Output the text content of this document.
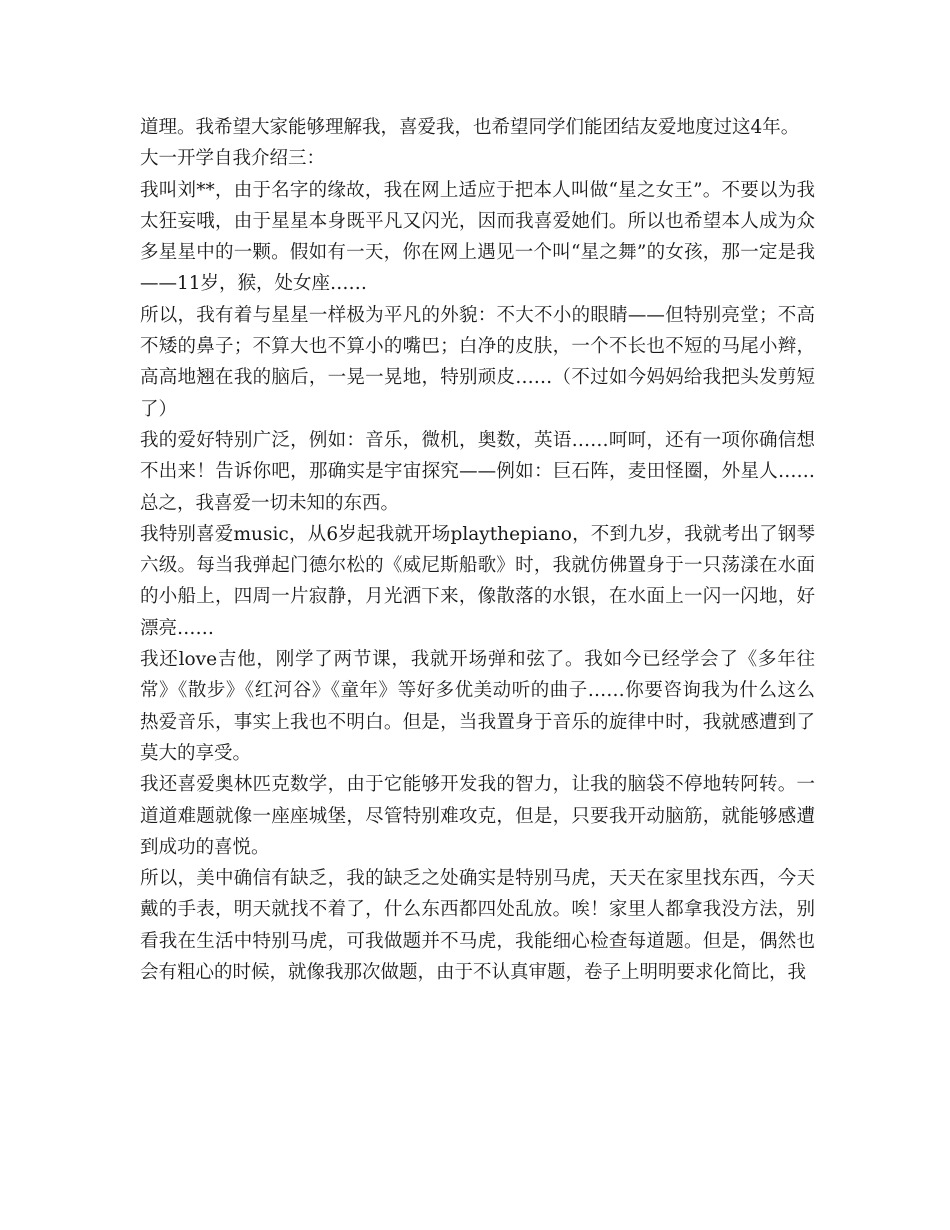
道理。我希望大家能够理解我，喜爱我，也希望同学们能团结友爱地度过这4年。

大一开学自我介绍三：

我叫刘**，由于名字的缘故，我在网上适应于把本人叫做“星之女王”。不要以为我太狂妄哦，由于星星本身既平凡又闪光，因而我喜爱她们。所以也希望本人成为众多星星中的一颗。假如有一天，你在网上遇见一个叫“星之舞”的女孩，那一定是我——11岁，猴，处女座……

所以，我有着与星星一样极为平凡的外貌：不大不小的眼睛——但特别亮堂；不高不矮的鼻子；不算大也不算小的嘴巴；白净的皮肤，一个不长也不短的马尾小辫，高高地翘在我的脑后，一晃一晃地，特别顽皮……（不过如今妈妈给我把头发剪短了）

我的爱好特别广泛，例如：音乐，微机，奥数，英语……呵呵，还有一项你确信想不出来！告诉你吧，那确实是宇宙探究——例如：巨石阵，麦田怪圈，外星人……总之，我喜爱一切未知的东西。

我特别喜爱music，从6岁起我就开场playthepiano，不到九岁，我就考出了钢琴六级。每当我弹起门德尔松的《威尼斯船歌》时，我就仿佛置身于一只荡漾在水面的小船上，四周一片寂静，月光洒下来，像散落的水银，在水面上一闪一闪地，好漂亮……

我还love吉他，刚学了两节课，我就开场弹和弦了。我如今已经学会了《多年往常》《散步》《红河谷》《童年》等好多优美动听的曲子……你要咨询我为什么这么热爱音乐，事实上我也不明白。但是，当我置身于音乐的旋律中时，我就感遭到了莫大的享受。

我还喜爱奥林匹克数学，由于它能够开发我的智力，让我的脑袋不停地转阿转。一道道难题就像一座座城堡，尽管特别难攻克，但是，只要我开动脑筋，就能够感遭到成功的喜悦。

所以，美中确信有缺乏，我的缺乏之处确实是特别马虎，天天在家里找东西，今天戴的手表，明天就找不着了，什么东西都四处乱放。唉！家里人都拿我没方法，别看我在生活中特别马虎，可我做题并不马虎，我能细心检查每道题。但是，偶然也会有粗心的时候，就像我那次做题，由于不认真审题，卷子上明明要求化简比，我
